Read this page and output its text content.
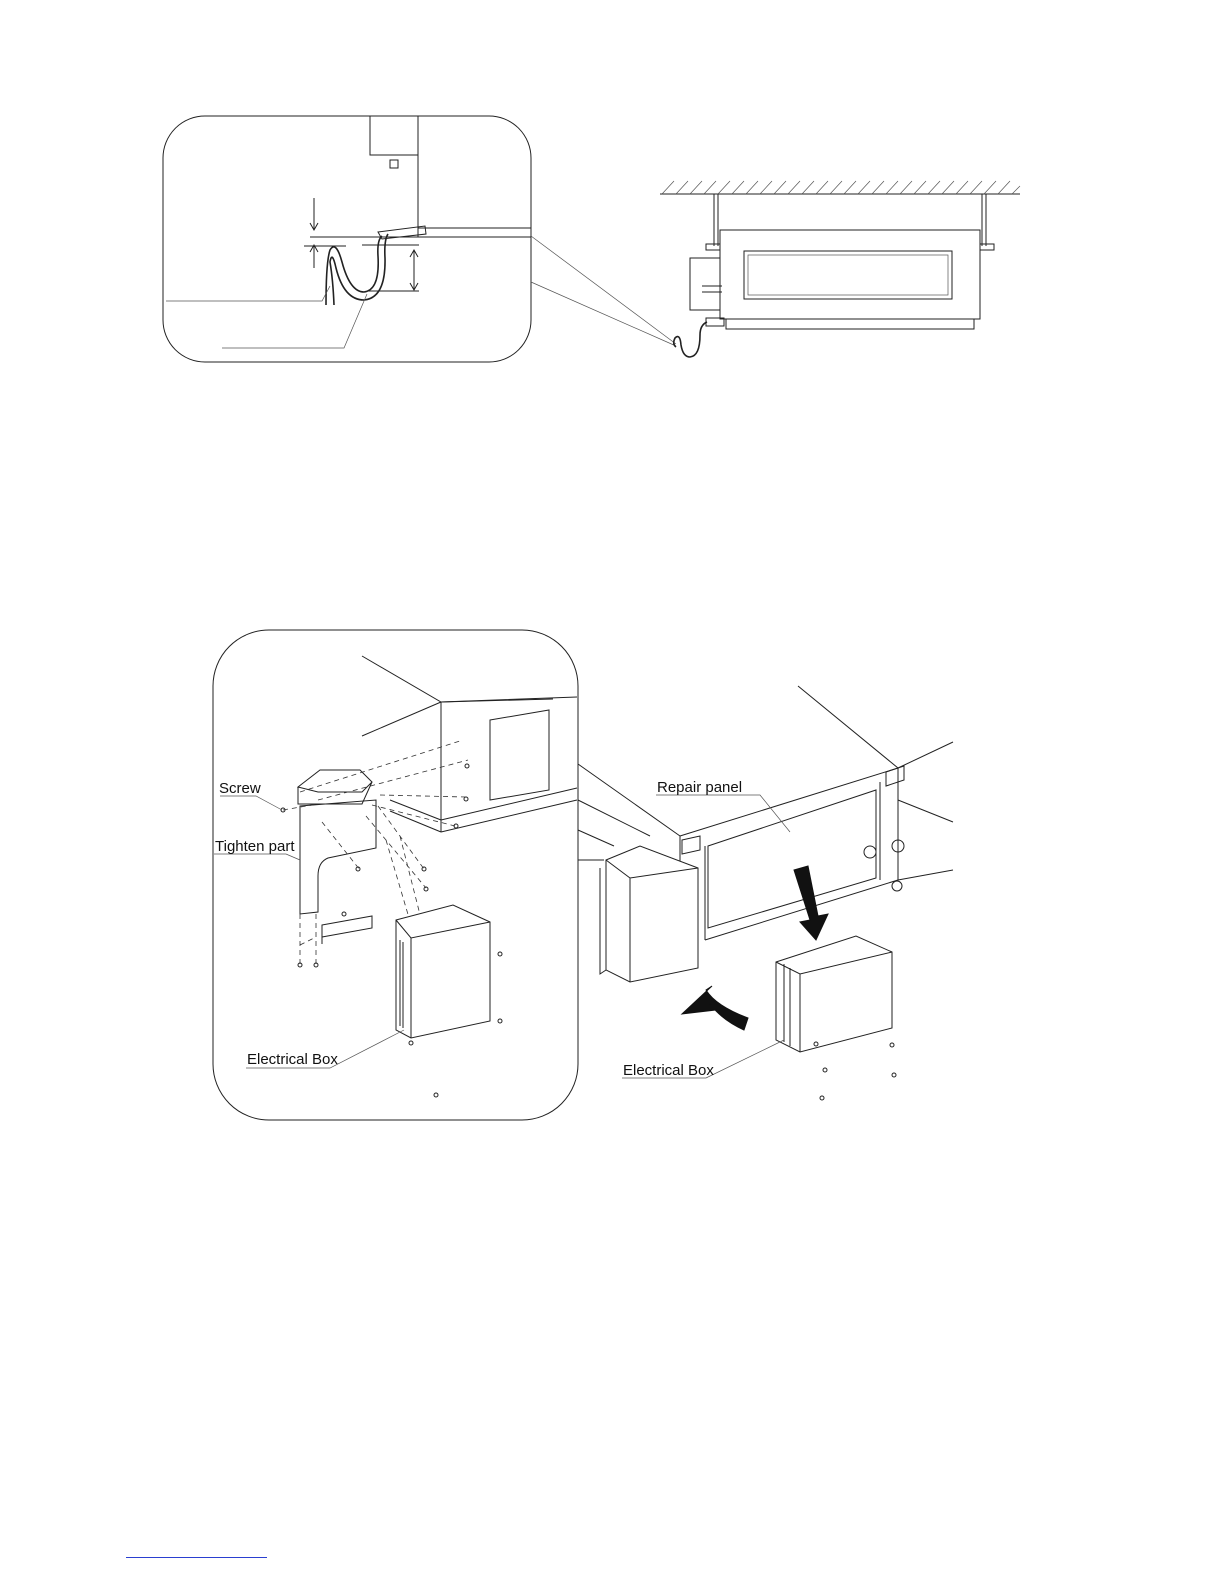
Screw
Tighten part
Electrical Box
Repair panel
Electrical Box
